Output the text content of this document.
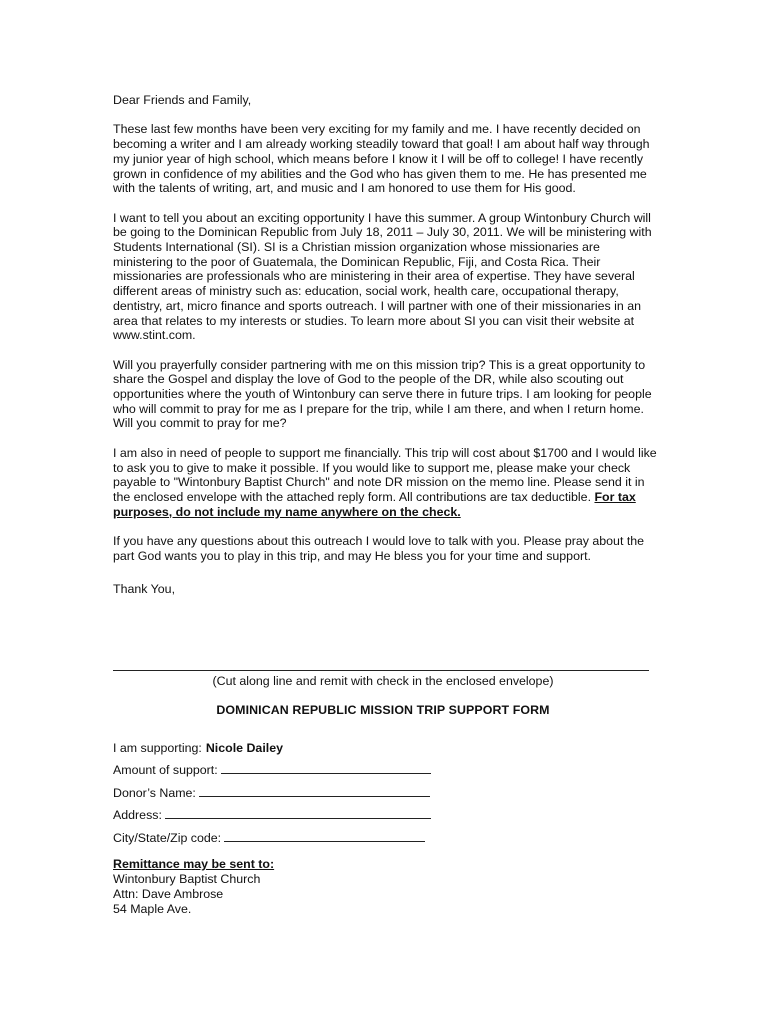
Dear Friends and Family,

These last few months have been very exciting for my family and me. I have recently decided on becoming a writer and I am already working steadily toward that goal! I am about half way through my junior year of high school, which means before I know it I will be off to college! I have recently grown in confidence of my abilities and the God who has given them to me. He has presented me with the talents of writing, art, and music and I am honored to use them for His good.

I want to tell you about an exciting opportunity I have this summer. A group Wintonbury Church will be going to the Dominican Republic from July 18, 2011 – July 30, 2011. We will be ministering with Students International (SI). SI is a Christian mission organization whose missionaries are ministering to the poor of Guatemala, the Dominican Republic, Fiji, and Costa Rica. Their missionaries are professionals who are ministering in their area of expertise. They have several different areas of ministry such as: education, social work, health care, occupational therapy, dentistry, art, micro finance and sports outreach. I will partner with one of their missionaries in an area that relates to my interests or studies. To learn more about SI you can visit their website at www.stint.com.

Will you prayerfully consider partnering with me on this mission trip? This is a great opportunity to share the Gospel and display the love of God to the people of the DR, while also scouting out opportunities where the youth of Wintonbury can serve there in future trips. I am looking for people who will commit to pray for me as I prepare for the trip, while I am there, and when I return home. Will you commit to pray for me?

I am also in need of people to support me financially. This trip will cost about $1700 and I would like to ask you to give to make it possible. If you would like to support me, please make your check payable to "Wintonbury Baptist Church" and note DR mission on the memo line. Please send it in the enclosed envelope with the attached reply form. All contributions are tax deductible. For tax purposes, do not include my name anywhere on the check.

If you have any questions about this outreach I would love to talk with you. Please pray about the part God wants you to play in this trip, and may He bless you for your time and support.

Thank You,

(Cut along line and remit with check in the enclosed envelope)
DOMINICAN REPUBLIC MISSION TRIP SUPPORT FORM
I am supporting: Nicole Dailey
Amount of support:
Donor’s Name:
Address:
City/State/Zip code:
Remittance may be sent to:
Wintonbury Baptist Church
Attn: Dave Ambrose
54 Maple Ave.
